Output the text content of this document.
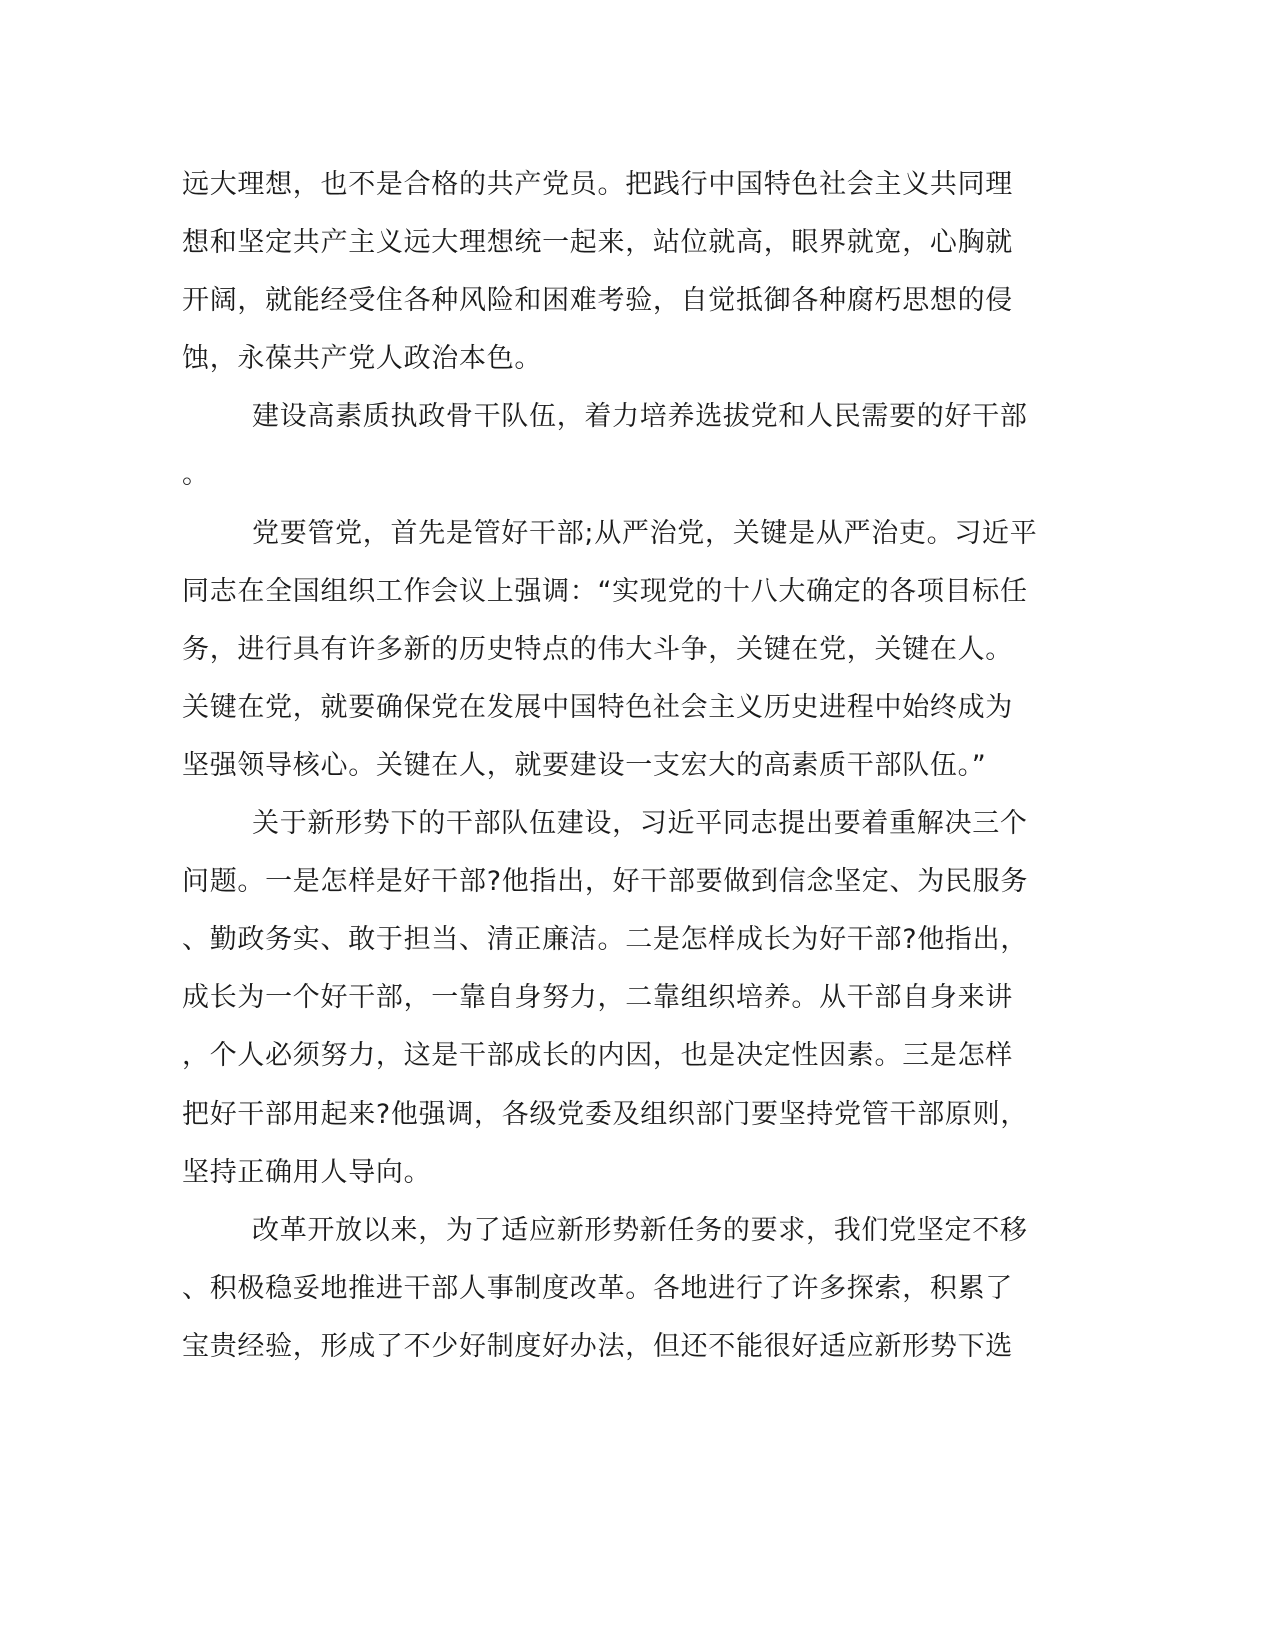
远大理想，也不是合格的共产党员。把践行中国特色社会主义共同理
想和坚定共产主义远大理想统一起来，站位就高，眼界就宽，心胸就
开阔，就能经受住各种风险和困难考验，自觉抵御各种腐朽思想的侵
蚀，永葆共产党人政治本色。
建设高素质执政骨干队伍，着力培养选拔党和人民需要的好干部
。
党要管党，首先是管好干部;从严治党，关键是从严治吏。习近平
同志在全国组织工作会议上强调：“实现党的十八大确定的各项目标任
务，进行具有许多新的历史特点的伟大斗争，关键在党，关键在人。
关键在党，就要确保党在发展中国特色社会主义历史进程中始终成为
坚强领导核心。关键在人，就要建设一支宏大的高素质干部队伍。”
关于新形势下的干部队伍建设，习近平同志提出要着重解决三个
问题。一是怎样是好干部?他指出，好干部要做到信念坚定、为民服务
、勤政务实、敢于担当、清正廉洁。二是怎样成长为好干部?他指出，
成长为一个好干部，一靠自身努力，二靠组织培养。从干部自身来讲
，个人必须努力，这是干部成长的内因，也是决定性因素。三是怎样
把好干部用起来?他强调，各级党委及组织部门要坚持党管干部原则，
坚持正确用人导向。
改革开放以来，为了适应新形势新任务的要求，我们党坚定不移
、积极稳妥地推进干部人事制度改革。各地进行了许多探索，积累了
宝贵经验，形成了不少好制度好办法，但还不能很好适应新形势下选
